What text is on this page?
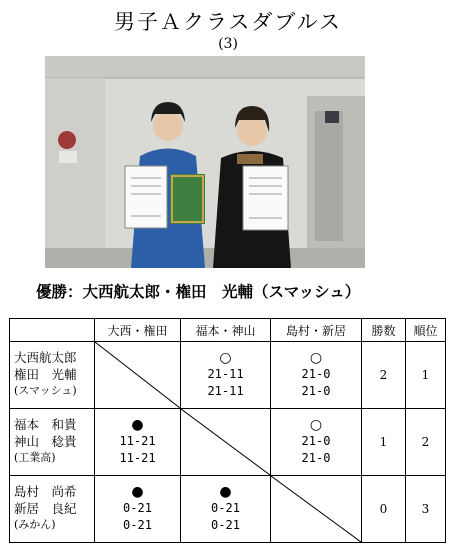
男子Ａクラスダブルス
(3)
優勝：大西航太郎・権田　光輔（スマッシュ）
	大西・権田	福本・神山	島村・新居	勝数	順位

大西航太郎
権田　光輔
(スマッシュ)		○
21-11
21-11	○
21-0
21-0	2	1

福本　和貴
神山　稔貴
(工業高)	●
11-21
11-21		○
21-0
21-0	1	2

島村　尚希
新居　良紀
(みかん)	●
0-21
0-21	●
0-21
0-21		0	3
